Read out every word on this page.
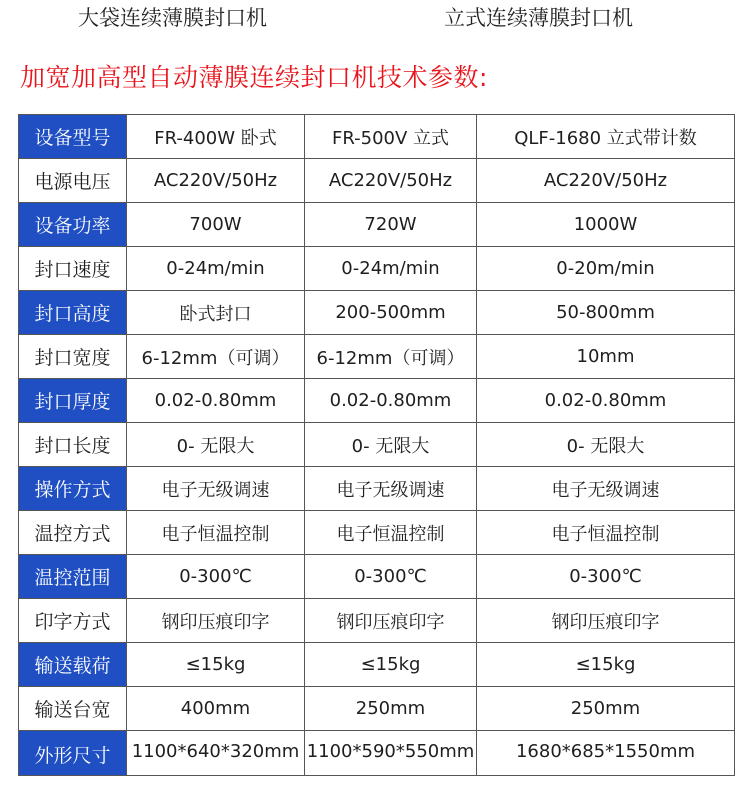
大袋连续薄膜封口机	立式连续薄膜封口机
加宽加高型自动薄膜连续封口机技术参数:
设备型号	FR-400W 卧式	FR-500Ⅴ 立式	QLF-1680 立式带计数
电源电压	AC220V/50Hz	AC220V/50Hz	AC220V/50Hz
设备功率	700W	720W	1000W
封口速度	0-24m/min	0-24m/min	0-20m/min
封口高度	卧式封口	200-500mm	50-800mm
封口宽度	6-12mm（可调）	6-12mm（可调）	10mm
封口厚度	0.02-0.80mm	0.02-0.80mm	0.02-0.80mm
封口长度	0- 无限大	0- 无限大	0- 无限大
操作方式	电子无级调速	电子无级调速	电子无级调速
温控方式	电子恒温控制	电子恒温控制	电子恒温控制
温控范围	0-300℃	0-300℃	0-300℃
印字方式	钢印压痕印字	钢印压痕印字	钢印压痕印字
输送载荷	≤15kg	≤15kg	≤15kg
输送台宽	400mm	250mm	250mm
外形尺寸	1100*640*320mm	1100*590*550mm	1680*685*1550mm
